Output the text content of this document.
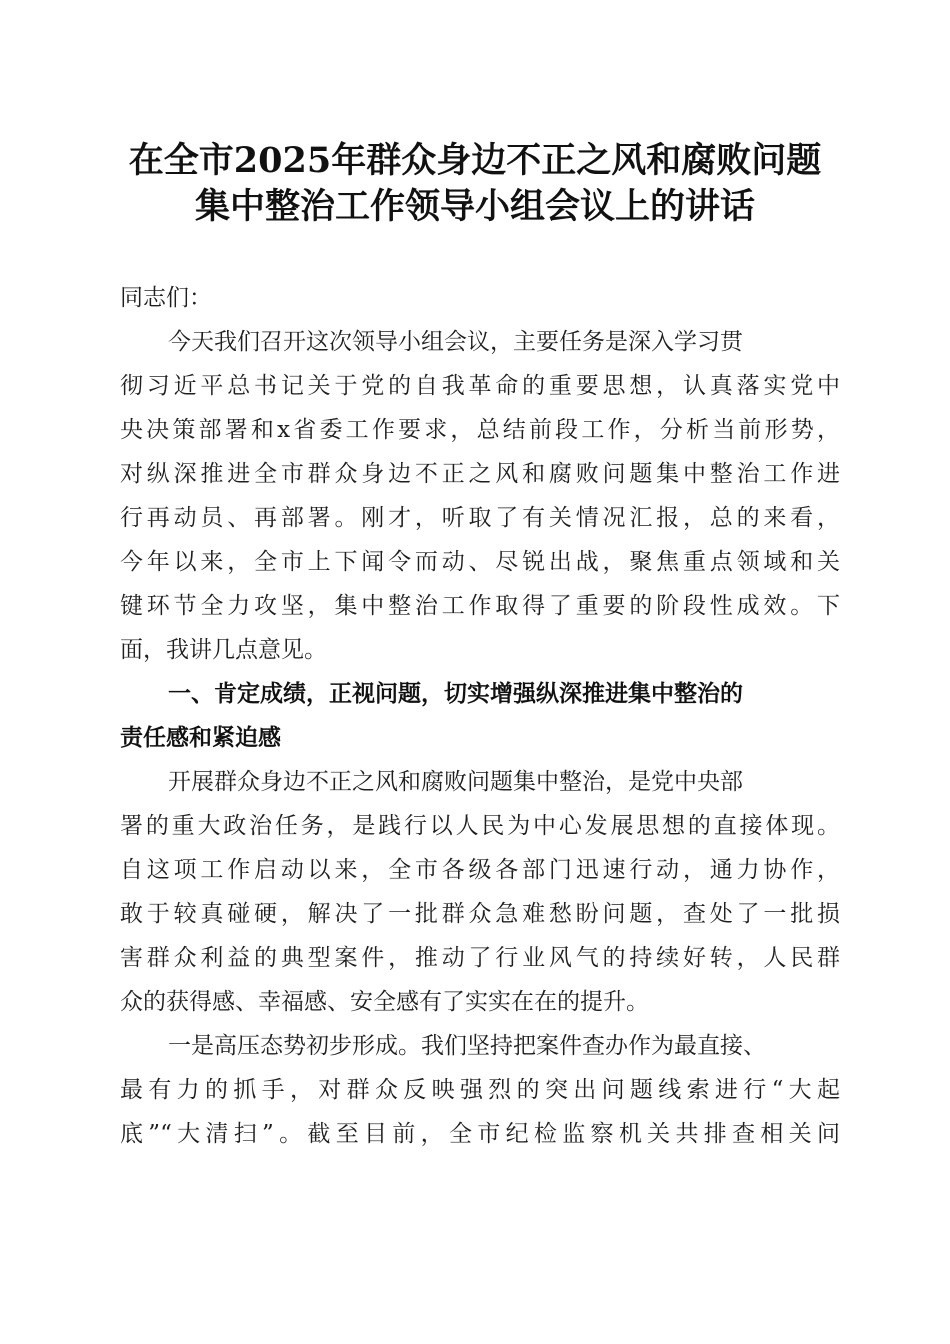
在全市2025年群众身边不正之风和腐败问题
集中整治工作领导小组会议上的讲话
同志们：
今天我们召开这次领导小组会议，主要任务是深入学习贯
彻习近平总书记关于党的自我革命的重要思想，认真落实党中
央决策部署和x省委工作要求，总结前段工作，分析当前形势，
对纵深推进全市群众身边不正之风和腐败问题集中整治工作进
行再动员、再部署。刚才，听取了有关情况汇报，总的来看，
今年以来，全市上下闻令而动、尽锐出战，聚焦重点领域和关
键环节全力攻坚，集中整治工作取得了重要的阶段性成效。下
面，我讲几点意见。
一、肯定成绩，正视问题，切实增强纵深推进集中整治的
责任感和紧迫感
开展群众身边不正之风和腐败问题集中整治，是党中央部
署的重大政治任务，是践行以人民为中心发展思想的直接体现。
自这项工作启动以来，全市各级各部门迅速行动，通力协作，
敢于较真碰硬，解决了一批群众急难愁盼问题，查处了一批损
害群众利益的典型案件，推动了行业风气的持续好转，人民群
众的获得感、幸福感、安全感有了实实在在的提升。
一是高压态势初步形成。我们坚持把案件查办作为最直接、
最有力的抓手，对群众反映强烈的突出问题线索进行“大起
底”“大清扫”。截至目前，全市纪检监察机关共排查相关问
